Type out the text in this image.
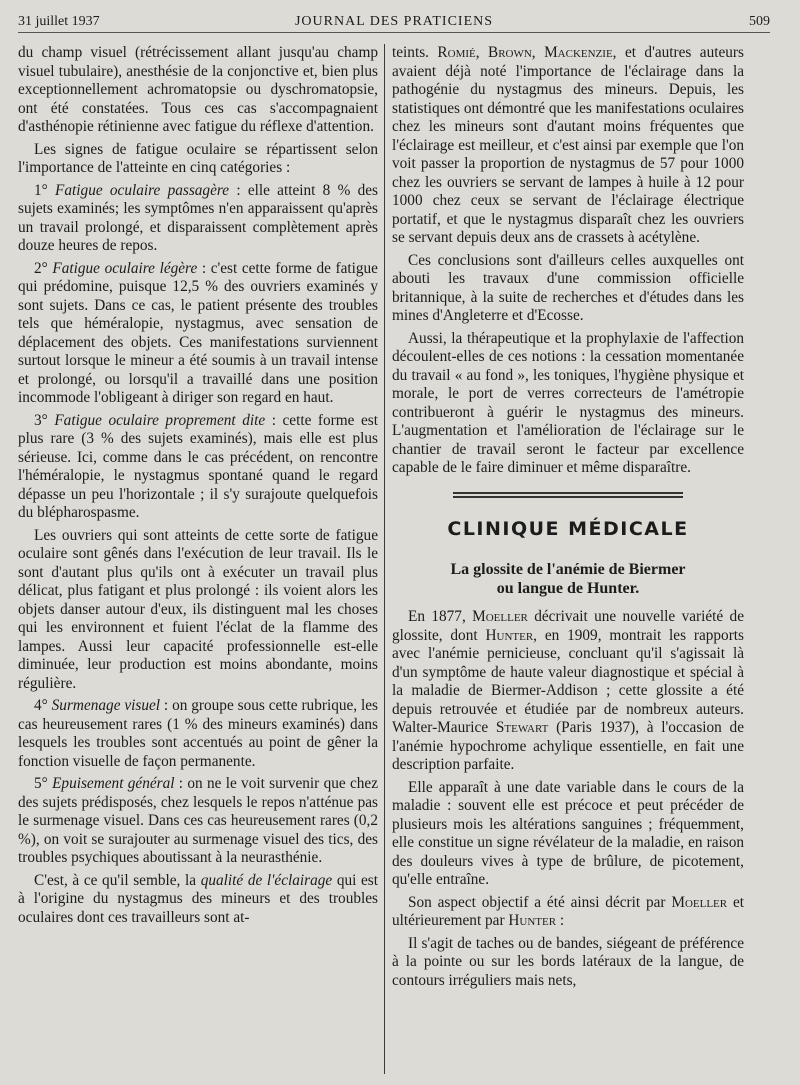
31 juillet 1937	JOURNAL DES PRATICIENS	509

du champ visuel (rétrécissement allant jusqu'au champ visuel tubulaire), anesthésie de la conjonctive et, bien plus exceptionnellement achromatopsie ou dyschromatopsie, ont été constatées. Tous ces cas s'accompagnaient d'asthénopie rétinienne avec fatigue du réflexe d'attention.

Les signes de fatigue oculaire se répartissent selon l'importance de l'atteinte en cinq catégories :

1° Fatigue oculaire passagère : elle atteint 8 % des sujets examinés; les symptômes n'en apparaissent qu'après un travail prolongé, et disparaissent complètement après douze heures de repos.

2° Fatigue oculaire légère : c'est cette forme de fatigue qui prédomine, puisque 12,5 % des ouvriers examinés y sont sujets. Dans ce cas, le patient présente des troubles tels que héméralopie, nystagmus, avec sensation de déplacement des objets. Ces manifestations surviennent surtout lorsque le mineur a été soumis à un travail intense et prolongé, ou lorsqu'il a travaillé dans une position incommode l'obligeant à diriger son regard en haut.

3° Fatigue oculaire proprement dite : cette forme est plus rare (3 % des sujets examinés), mais elle est plus sérieuse. Ici, comme dans le cas précédent, on rencontre l'héméralopie, le nystagmus spontané quand le regard dépasse un peu l'horizontale ; il s'y surajoute quelquefois du blépharospasme.

Les ouvriers qui sont atteints de cette sorte de fatigue oculaire sont gênés dans l'exécution de leur travail. Ils le sont d'autant plus qu'ils ont à exécuter un travail plus délicat, plus fatigant et plus prolongé : ils voient alors les objets danser autour d'eux, ils distinguent mal les choses qui les environnent et fuient l'éclat de la flamme des lampes. Aussi leur capacité professionnelle est-elle diminuée, leur production est moins abondante, moins régulière.

4° Surmenage visuel : on groupe sous cette rubrique, les cas heureusement rares (1 % des mineurs examinés) dans lesquels les troubles sont accentués au point de gêner la fonction visuelle de façon permanente.

5° Epuisement général : on ne le voit survenir que chez des sujets prédisposés, chez lesquels le repos n'atténue pas le surmenage visuel. Dans ces cas heureusement rares (0,2 %), on voit se surajouter au surmenage visuel des tics, des troubles psychiques aboutissant à la neurasthénie.

C'est, à ce qu'il semble, la qualité de l'éclairage qui est à l'origine du nystagmus des mineurs et des troubles oculaires dont ces travailleurs sont at-

teints. Romié, Brown, Mackenzie, et d'autres auteurs avaient déjà noté l'importance de l'éclairage dans la pathogénie du nystagmus des mineurs. Depuis, les statistiques ont démontré que les manifestations oculaires chez les mineurs sont d'autant moins fréquentes que l'éclairage est meilleur, et c'est ainsi par exemple que l'on voit passer la proportion de nystagmus de 57 pour 1000 chez les ouvriers se servant de lampes à huile à 12 pour 1000 chez ceux se servant de l'éclairage électrique portatif, et que le nystagmus disparaît chez les ouvriers se servant depuis deux ans de crassets à acétylène.

Ces conclusions sont d'ailleurs celles auxquelles ont abouti les travaux d'une commission officielle britannique, à la suite de recherches et d'études dans les mines d'Angleterre et d'Ecosse.

Aussi, la thérapeutique et la prophylaxie de l'affection découlent-elles de ces notions : la cessation momentanée du travail « au fond », les toniques, l'hygiène physique et morale, le port de verres correcteurs de l'amétropie contribueront à guérir le nystagmus des mineurs. L'augmentation et l'amélioration de l'éclairage sur le chantier de travail seront le facteur par excellence capable de le faire diminuer et même disparaître.

CLINIQUE MÉDICALE
La glossite de l'anémie de Biermer
ou langue de Hunter.

En 1877, Moeller décrivait une nouvelle variété de glossite, dont Hunter, en 1909, montrait les rapports avec l'anémie pernicieuse, concluant qu'il s'agissait là d'un symptôme de haute valeur diagnostique et spécial à la maladie de Biermer-Addison ; cette glossite a été depuis retrouvée et étudiée par de nombreux auteurs. Walter-Maurice Stewart (Paris 1937), à l'occasion de l'anémie hypochrome achylique essentielle, en fait une description parfaite.

Elle apparaît à une date variable dans le cours de la maladie : souvent elle est précoce et peut précéder de plusieurs mois les altérations sanguines ; fréquemment, elle constitue un signe révélateur de la maladie, en raison des douleurs vives à type de brûlure, de picotement, qu'elle entraîne.

Son aspect objectif a été ainsi décrit par Moeller et ultérieurement par Hunter :

Il s'agit de taches ou de bandes, siégeant de préférence à la pointe ou sur les bords latéraux de la langue, de contours irréguliers mais nets,
